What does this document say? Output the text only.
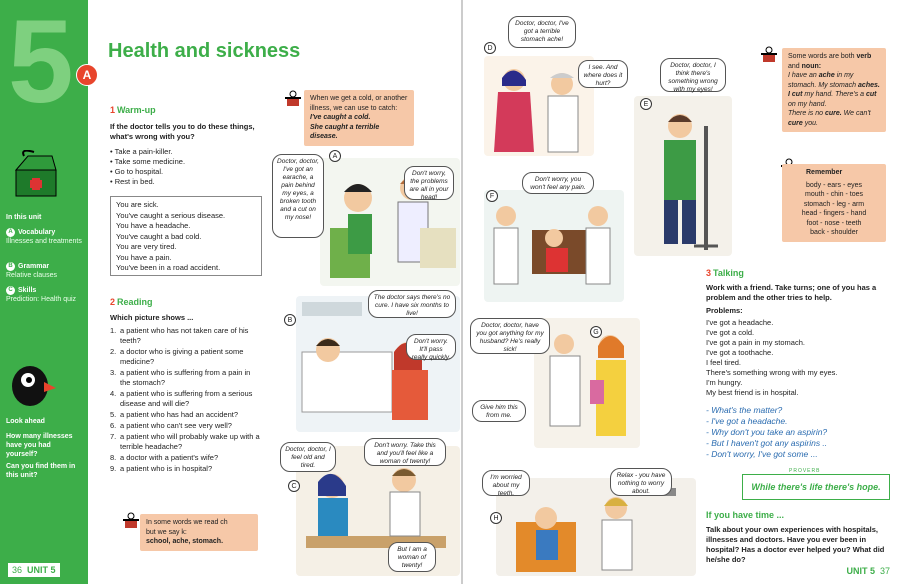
5
In this unit
A Vocabulary
Illnesses and treatments
B Grammar
Relative clauses
C Skills
Prediction: Health quiz
Look ahead
How many illnesses have you had yourself?
Can you find them in this unit?
36 UNIT 5
A
Health and sickness
1 Warm-up
If the doctor tells you to do these things, what's wrong with you?
• Take a pain-killer.
• Take some medicine.
• Go to hospital.
• Rest in bed.
You are sick.
You've caught a serious disease.
You have a headache.
You've caught a bad cold.
You are very tired.
You have a pain.
You've been in a road accident.
2 Reading
Which picture shows ...
1. a patient who has not taken care of his teeth?
2. a doctor who is giving a patient some medicine?
3. a patient who is suffering from a pain in the stomach?
4. a patient who is suffering from a serious disease and will die?
5. a patient who has had an accident?
6. a patient who can't see very well?
7. a patient who will probably wake up with a terrible headache?
8. a doctor with a patient's wife?
9. a patient who is in hospital?
In some words we read ch
but we say k:
school, ache, stomach.
When we get a cold, or another illness, we can use to catch:
I've caught a cold.
She caught a terrible disease.
A
Doctor, doctor, I've got an earache, a pain behind my eyes, a broken tooth and a cut on my nose!
Don't worry, the problems are all in your head!
B
The doctor says there's no cure. I have six months to live!
Don't worry. It'll pass really quickly.
C
Doctor, doctor, I feel old and tired.
Don't worry. Take this and you'll feel like a woman of twenty!
But I am a woman of twenty!
D
Doctor, doctor, I've got a terrible stomach ache!
I see. And where does it hurt?
E
Doctor, doctor, I think there's something wrong with my eyes!
F
Don't worry, you won't feel any pain.
G
Doctor, doctor, have you got anything for my husband? He's really sick!
Give him this from me.
H
I'm worried about my teeth.
Relax - you have nothing to worry about.
Some words are both verb and noun:
I have an ache in my stomach. My stomach aches.
I cut my hand. There's a cut on my hand.
There is no cure. We can't cure you.
Remember
body - ears - eyes
mouth - chin - toes
stomach - leg - arm
head - fingers - hand
foot - nose - teeth
back - shoulder
3 Talking
Work with a friend. Take turns; one of you has a problem and the other tries to help.
Problems:
I've got a headache.
I've got a cold.
I've got a pain in my stomach.
I've got a toothache.
I feel tired.
There's something wrong with my eyes.
I'm hungry.
My best friend is in hospital.
- What's the matter?
- I've got a headache.
- Why don't you take an aspirin?
- But I haven't got any aspirins ..
- Don't worry, I've got some ...
While there's life there's hope.
PROVERB
If you have time ...
Talk about your own experiences with hospitals, illnesses and doctors. Have you ever been in hospital? Has a doctor ever helped you? What did he/she do?
UNIT 5 37
